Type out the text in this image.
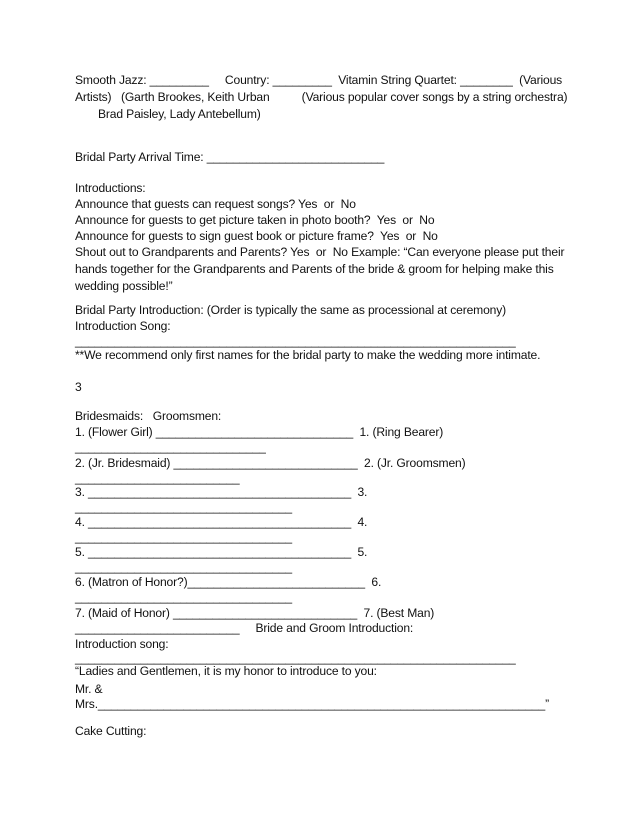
Smooth Jazz: _________     Country: _________  Vitamin String Quartet: ________  (Various

Artists)   (Garth Brookes, Keith Urban          (Various popular cover songs by a string orchestra)

Brad Paisley, Lady Antebellum)

Bridal Party Arrival Time: ___________________________

Introductions:

Announce that guests can request songs? Yes  or  No

Announce for guests to get picture taken in photo booth?  Yes  or  No

Announce for guests to sign guest book or picture frame?  Yes  or  No

Shout out to Grandparents and Parents? Yes  or  No Example: “Can everyone please put their

hands together for the Grandparents and Parents of the bride & groom for helping make this

wedding possible!”

Bridal Party Introduction: (Order is typically the same as processional at ceremony)

Introduction Song:

___________________________________________________________________

**We recommend only first names for the bridal party to make the wedding more intimate.

3

Bridesmaids:   Groomsmen:

1. (Flower Girl) ______________________________  1. (Ring Bearer)

_____________________________

2. (Jr. Bridesmaid) ____________________________  2. (Jr. Groomsmen)

_________________________

3. ________________________________________  3.

_________________________________

4. ________________________________________  4.

_________________________________

5. ________________________________________  5.

_________________________________

6. (Matron of Honor?)___________________________  6.

_________________________________

7. (Maid of Honor) ____________________________  7. (Best Man)

_________________________     Bride and Groom Introduction:

Introduction song:

___________________________________________________________________

“Ladies and Gentlemen, it is my honor to introduce to you:

Mr. &

Mrs.____________________________________________________________________”

Cake Cutting:
